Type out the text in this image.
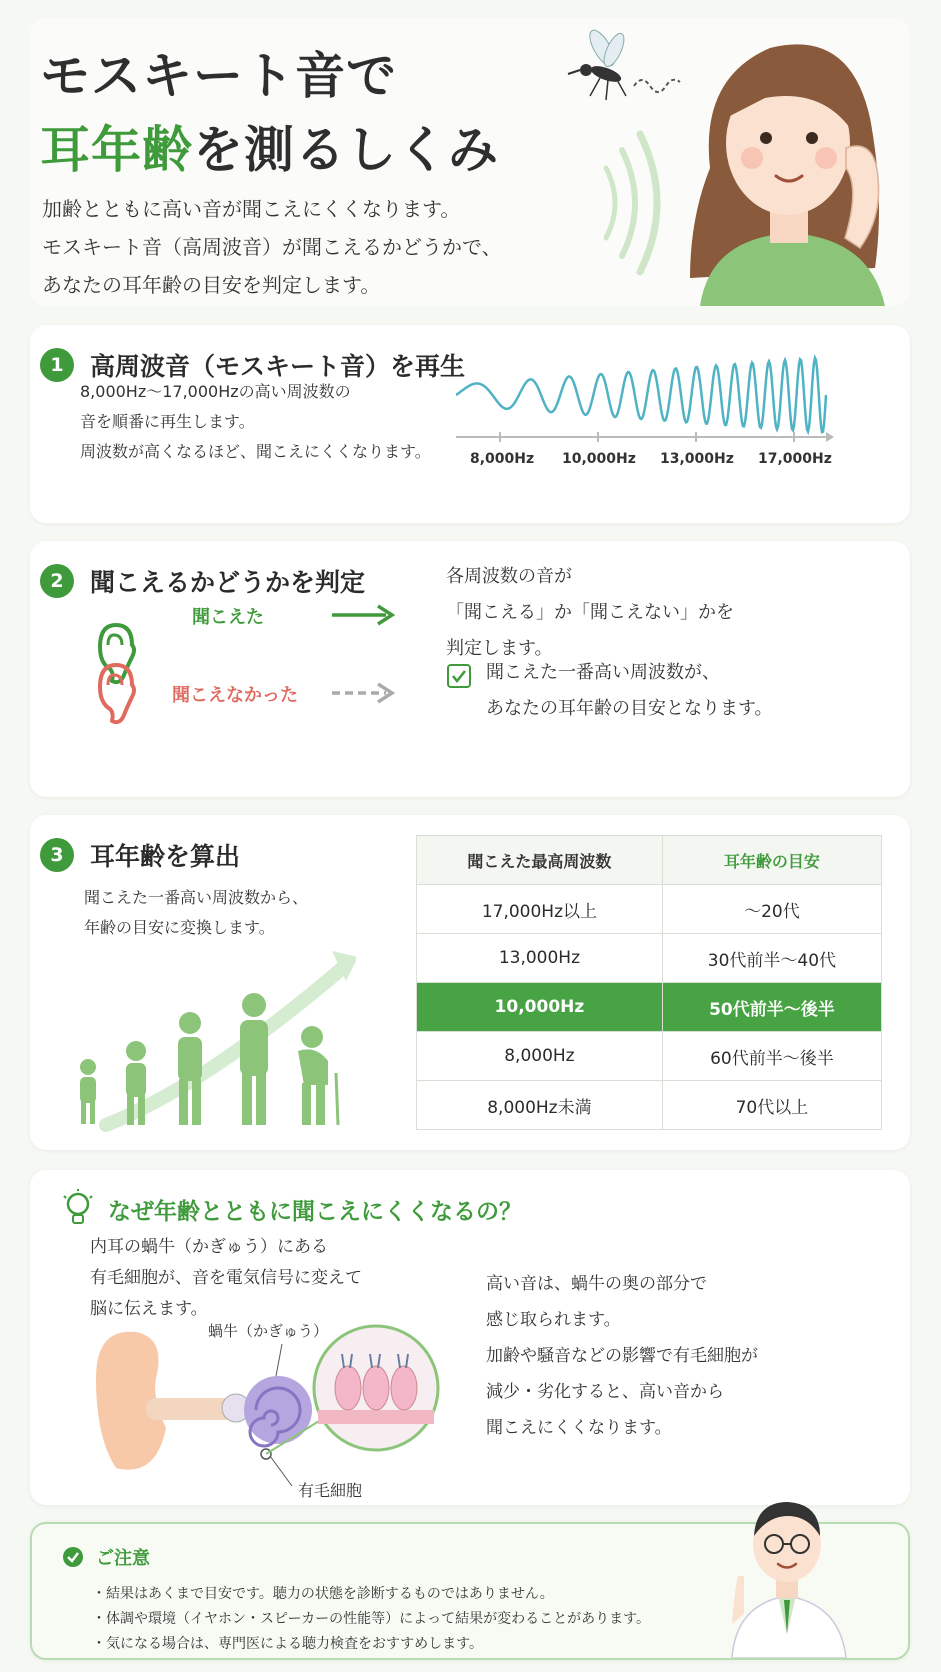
モスキート音で
耳年齢を測るしくみ
加齢とともに高い音が聞こえにくくなります。
モスキート音（高周波音）が聞こえるかどうかで、
あなたの耳年齢の目安を判定します。
1	高周波音（モスキート音）を再生
8,000Hz〜17,000Hzの高い周波数の
音を順番に再生します。
周波数が高くなるほど、聞こえにくくなります。	8,000Hz 10,000Hz 13,000Hz 17,000Hz
2	聞こえるかどうかを判定
聞こえた
聞こえなかった
各周波数の音が
「聞こえる」か「聞こえない」かを
判定します。
聞こえた一番高い周波数が、
あなたの耳年齢の目安となります。
3	耳年齢を算出
聞こえた一番高い周波数から、
年齢の目安に変換します。
聞こえた最高周波数	耳年齢の目安
17,000Hz以上	〜20代
13,000Hz	30代前半〜40代
10,000Hz	50代前半〜後半
8,000Hz	60代前半〜後半
8,000Hz未満	70代以上
なぜ年齢とともに聞こえにくくなるの？
内耳の蝸牛（かぎゅう）にある
有毛細胞が、音を電気信号に変えて
脳に伝えます。
蝸牛（かぎゅう）
有毛細胞
高い音は、蝸牛の奥の部分で
感じ取られます。
加齢や騒音などの影響で有毛細胞が
減少・劣化すると、高い音から
聞こえにくくなります。
ご注意
・ 結果はあくまで目安です。聴力の状態を診断するものではありません。
・ 体調や環境（イヤホン・スピーカーの性能等）によって結果が変わることがあります。
・ 気になる場合は、専門医による聴力検査をおすすめします。
